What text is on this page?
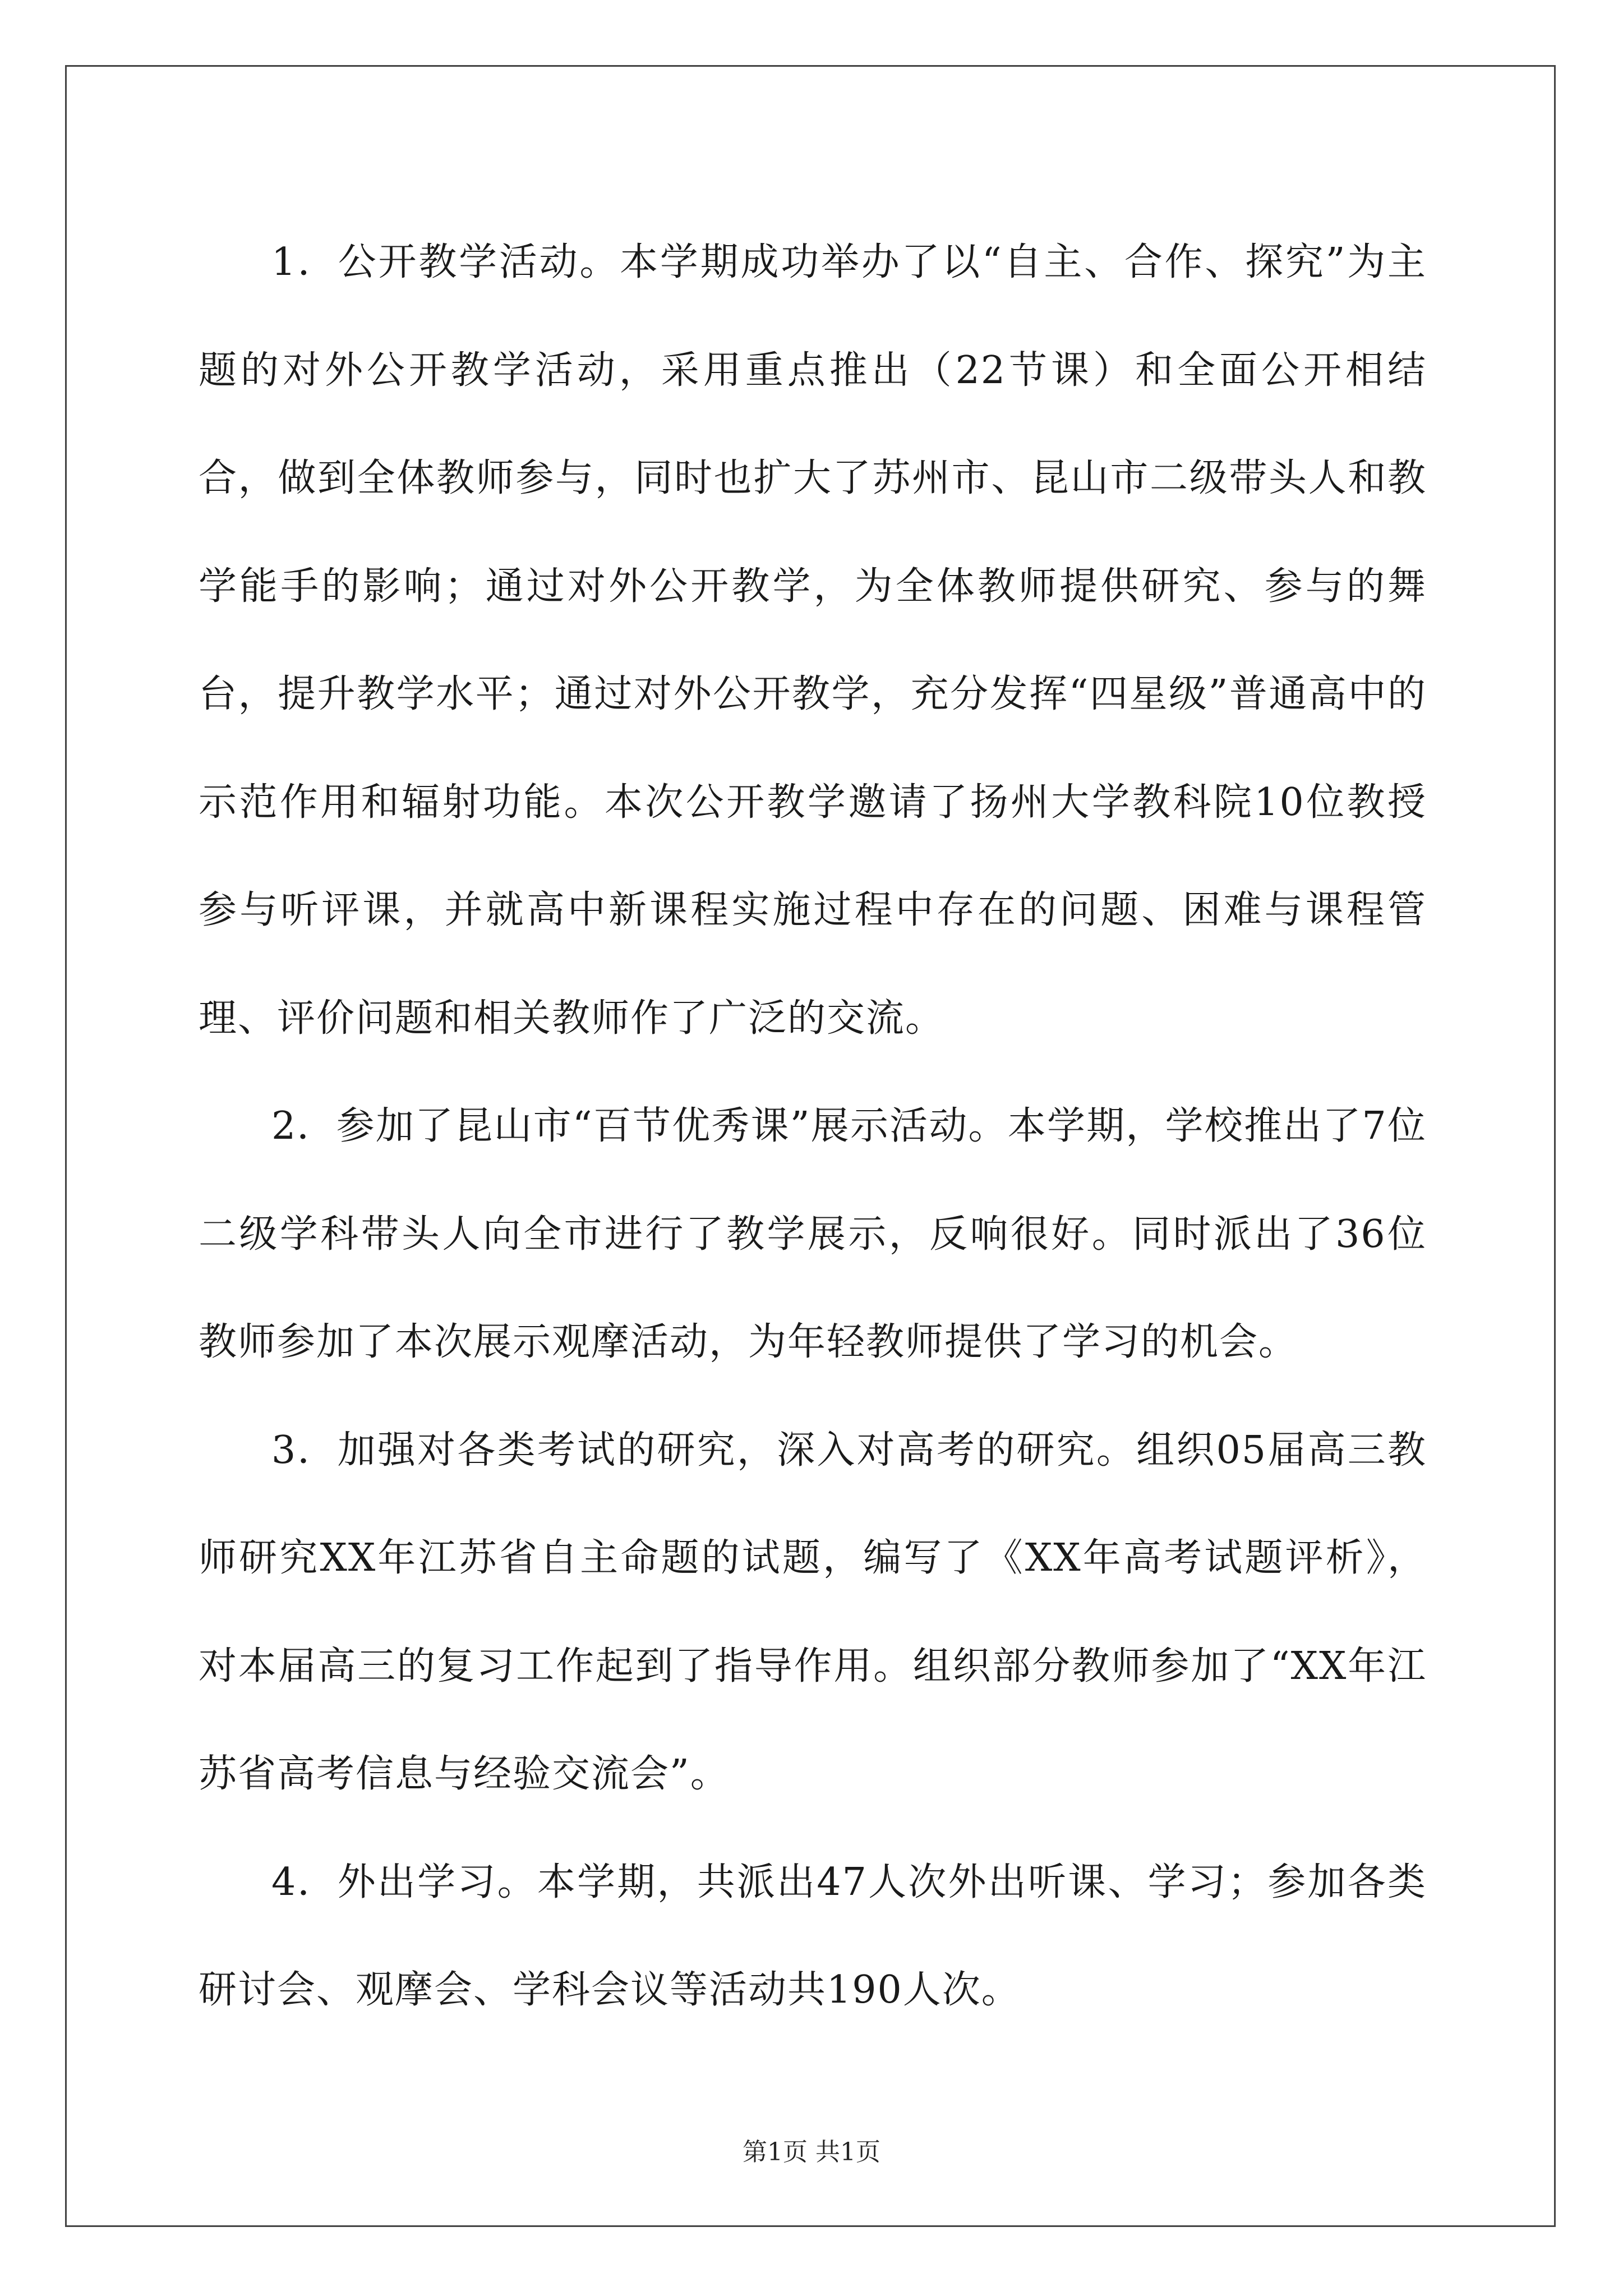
1．公开教学活动。本学期成功举办了以“自主、合作、探究”为主题的对外公开教学活动，采用重点推出（22节课）和全面公开相结合，做到全体教师参与，同时也扩大了苏州市、昆山市二级带头人和教学能手的影响；通过对外公开教学，为全体教师提供研究、参与的舞台，提升教学水平；通过对外公开教学，充分发挥“四星级”普通高中的示范作用和辐射功能。本次公开教学邀请了扬州大学教科院10位教授参与听评课，并就高中新课程实施过程中存在的问题、困难与课程管理、评价问题和相关教师作了广泛的交流。

2．参加了昆山市“百节优秀课”展示活动。本学期，学校推出了7位二级学科带头人向全市进行了教学展示，反响很好。同时派出了36位教师参加了本次展示观摩活动，为年轻教师提供了学习的机会。

3．加强对各类考试的研究，深入对高考的研究。组织05届高三教师研究XX年江苏省自主命题的试题，编写了《XX年高考试题评析》，对本届高三的复习工作起到了指导作用。组织部分教师参加了“XX年江苏省高考信息与经验交流会”。

4．外出学习。本学期，共派出47人次外出听课、学习；参加各类研讨会、观摩会、学科会议等活动共190人次。

第1页 共1页
